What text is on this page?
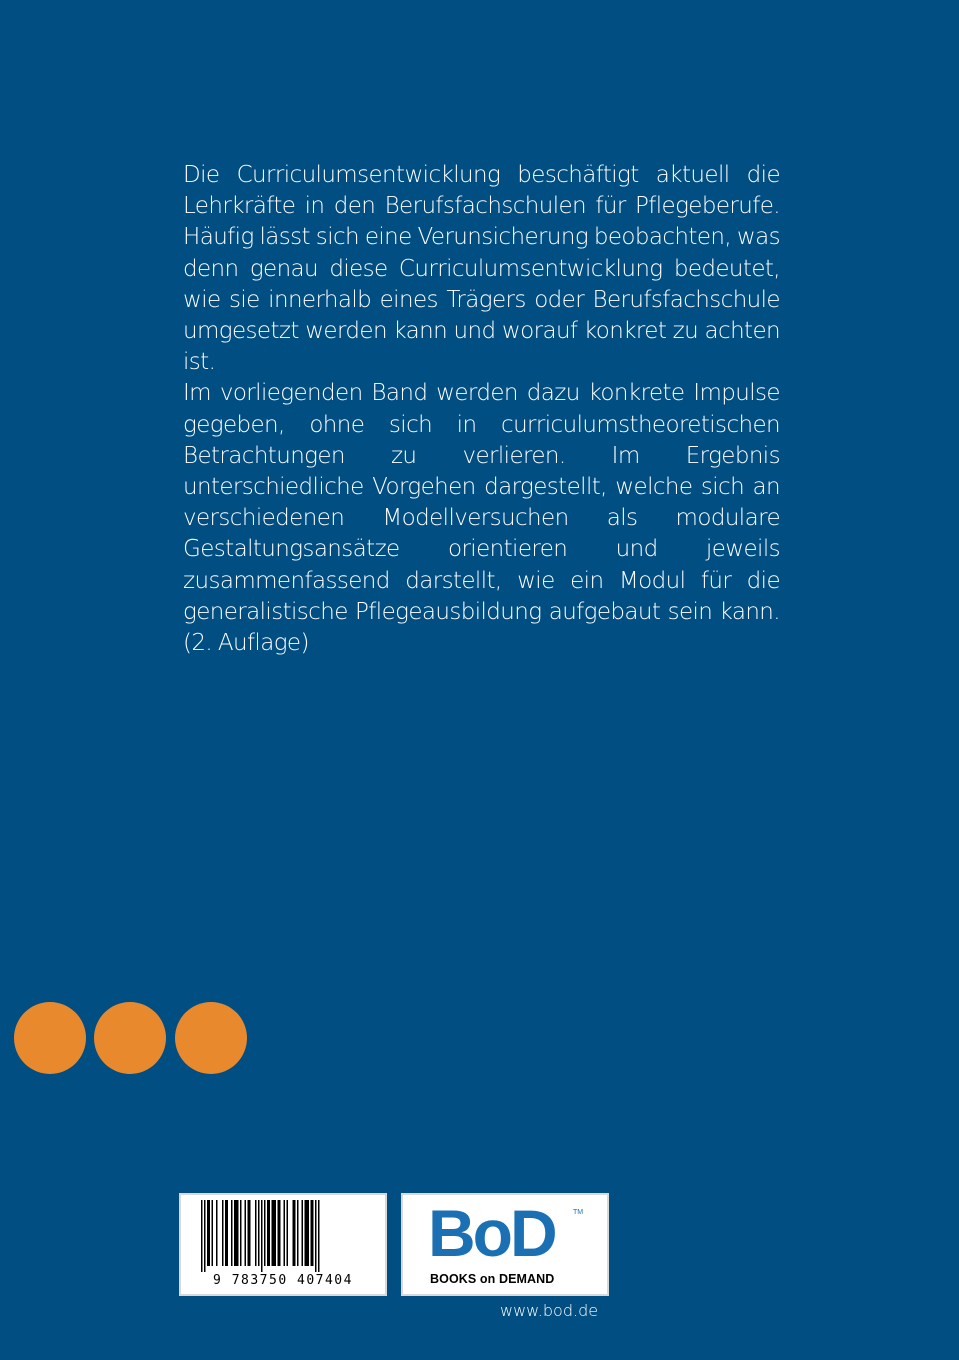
Die Curriculumsentwicklung beschäftigt aktuell die Lehrkräfte in den Berufsfachschulen für Pflegeberufe. Häufig lässt sich eine Verunsicherung beobachten, was denn genau diese Curriculumsentwicklung bedeutet, wie sie innerhalb eines Trägers oder Berufsfachschule umgesetzt werden kann und worauf konkret zu achten ist.

Im vorliegenden Band werden dazu konkrete Impulse gegeben, ohne sich in curriculumstheoretischen Betrachtungen zu verlieren. Im Ergebnis unterschiedliche Vorgehen dargestellt, welche sich an verschiedenen Modellversuchen als modulare Gestaltungsansätze orientieren und jeweils zusammenfassend darstellt, wie ein Modul für die generalistische Pflegeausbildung aufgebaut sein kann. (2. Auflage)

9 783750 407404
BoD	TM
BOOKS on DEMAND
www.bod.de
